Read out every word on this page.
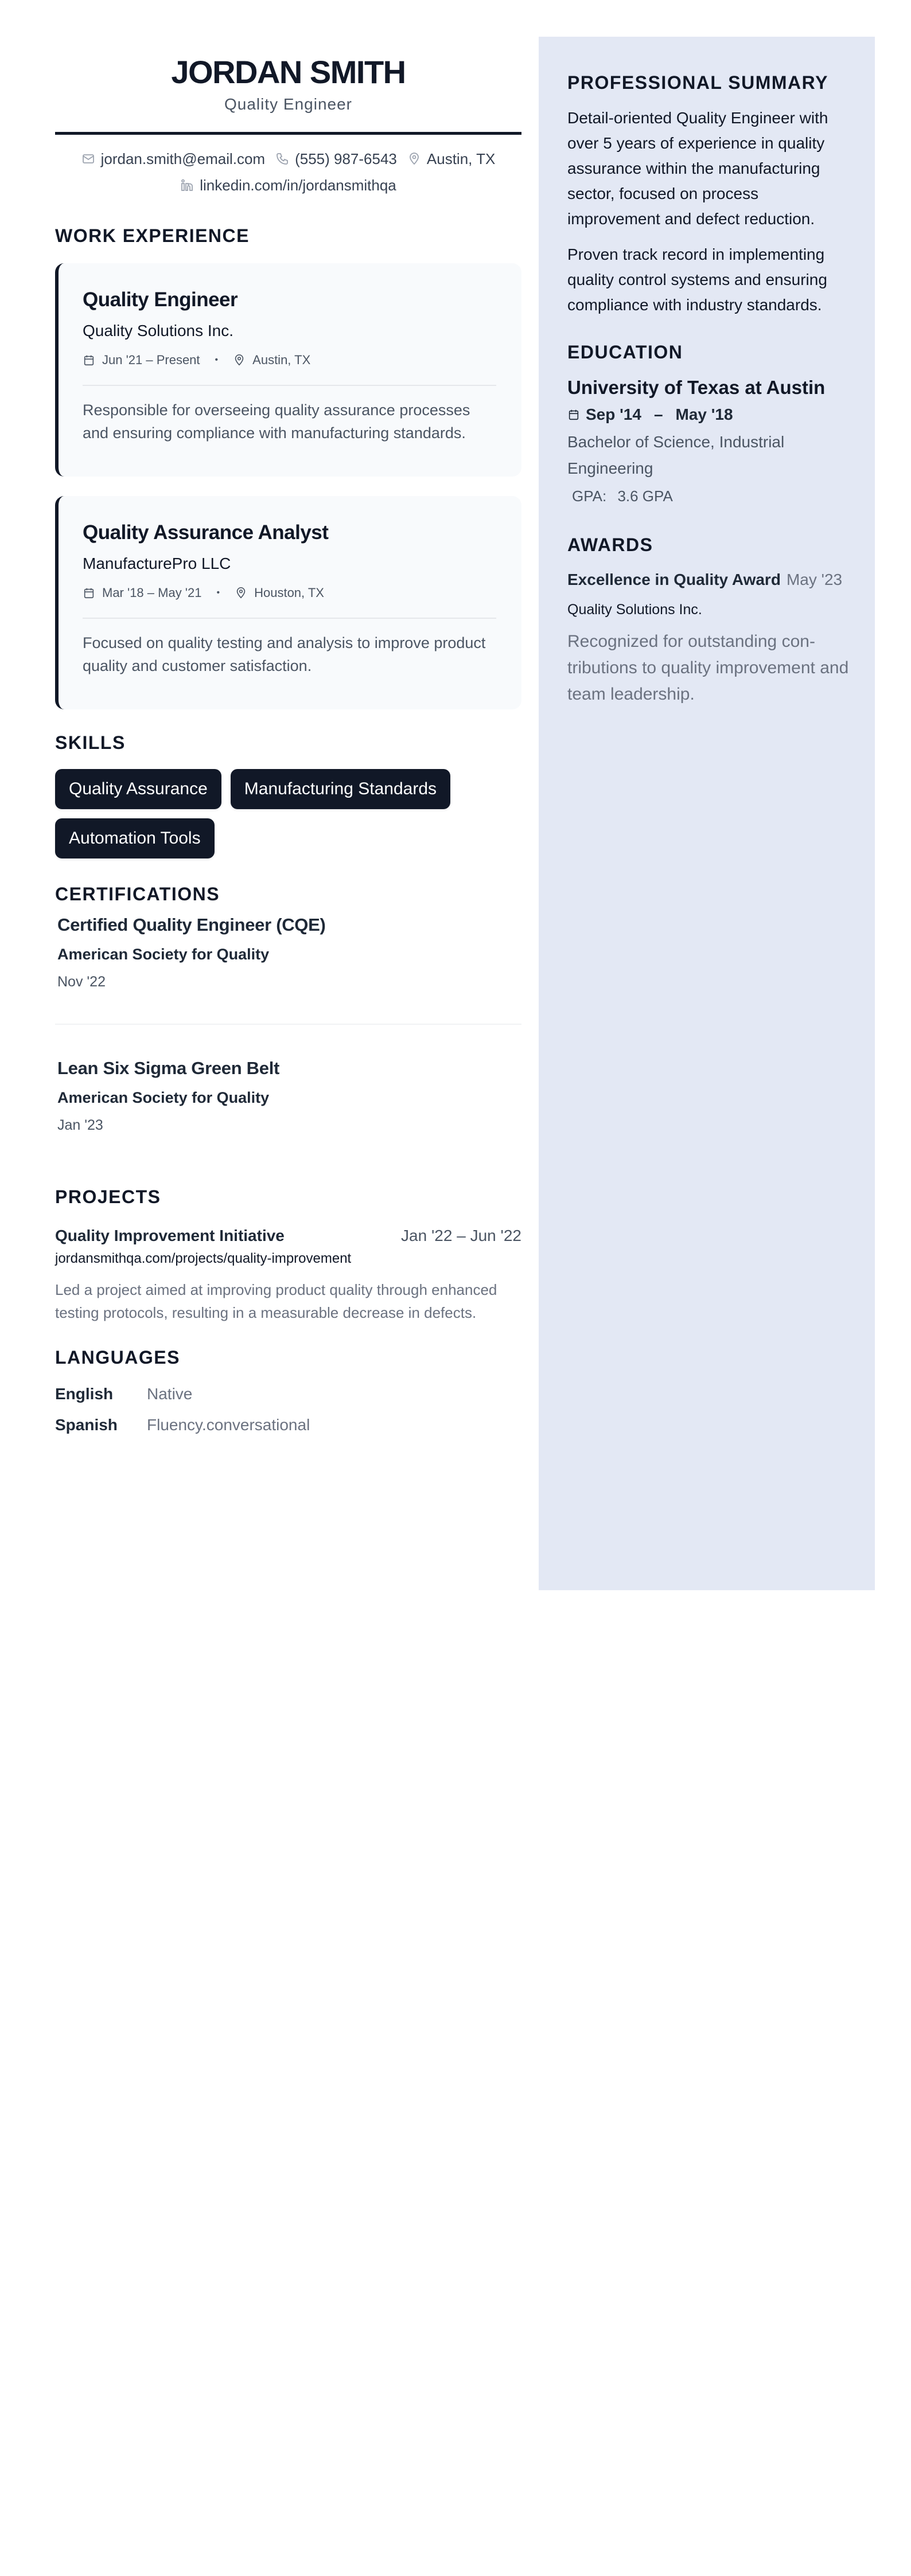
JORDAN SMITH
Quality Engineer
jordan.smith@email.com (555) 987-6543 Austin, TX
linkedin.com/in/jordansmithqa
WORK EXPERIENCE
Quality Engineer
Quality Solutions Inc.
Jun '21 – Present •	Austin, TX
Responsible for overseeing quality assurance processes and ensuring compliance with manufacturing standards.
Quality Assurance Analyst
ManufacturePro LLC
Mar '18 – May '21 •	Houston, TX
Focused on quality testing and analysis to improve product quality and customer satisfaction.
SKILLS
Quality Assurance	Manufacturing Standards
Automation Tools
CERTIFICATIONS
Certified Quality Engineer (CQE)
American Society for Quality
Nov '22
Lean Six Sigma Green Belt
American Society for Quality
Jan '23
PROJECTS
Quality Improvement Initiative	Jan '22 – Jun '22
jordansmithqa.com/projects/quality-improvement
Led a project aimed at improving product quality through enhanced testing protocols, resulting in a measurable decrease in defects.
LANGUAGES
English	Native
Spanish	Fluency.conversational
PROFESSIONAL SUMMARY

Detail-oriented Quality Engineer with over 5 years of experience in quality assurance within the manufacturing sector, focused on process improvement and defect reduction.

Proven track record in implementing quality control systems and ensuring compliance with industry standards.

EDUCATION
University of Texas at Austin
Sep '14 – May '18
Bachelor of Science, Industrial Engineering
GPA: 3.6 GPA
AWARDS
Excellence in Quality Award May '23
Quality Solutions Inc.
Recognized for outstanding contributions to quality improvement and team leadership.
